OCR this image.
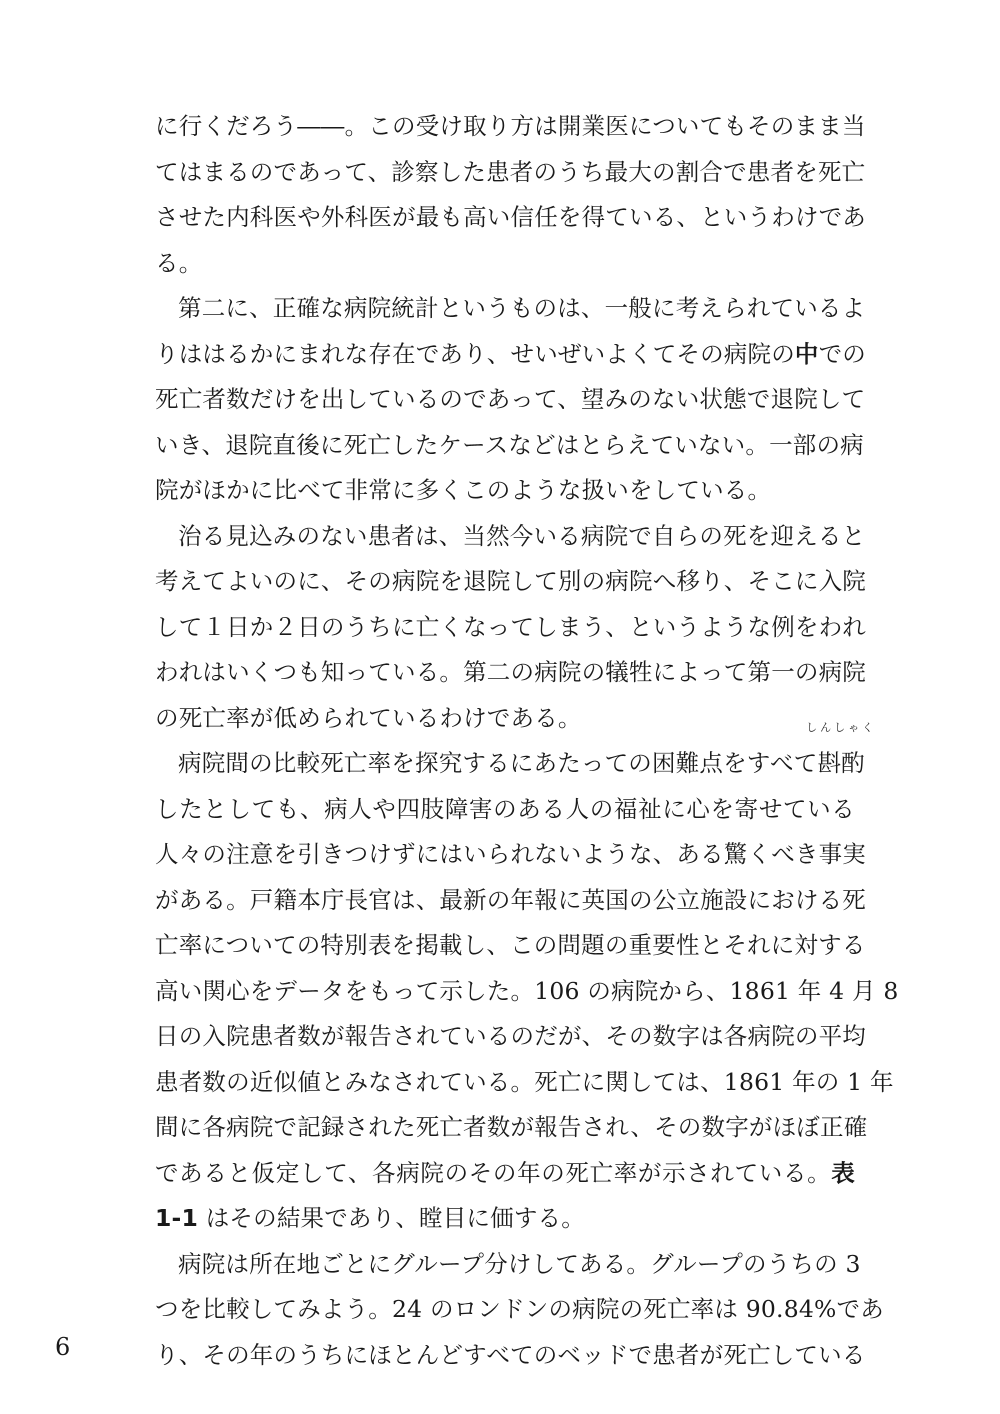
に行くだろう――。この受け取り方は開業医についてもそのまま当
てはまるのであって、診察した患者のうち最大の割合で患者を死亡
させた内科医や外科医が最も高い信任を得ている、というわけであ
る。
第二に、正確な病院統計というものは、一般に考えられているよ
りははるかにまれな存在であり、せいぜいよくてその病院の中での
死亡者数だけを出しているのであって、望みのない状態で退院して
いき、退院直後に死亡したケースなどはとらえていない。一部の病
院がほかに比べて非常に多くこのような扱いをしている。
治る見込みのない患者は、当然今いる病院で自らの死を迎えると
考えてよいのに、その病院を退院して別の病院へ移り、そこに入院
して１日か２日のうちに亡くなってしまう、というような例をわれ
われはいくつも知っている。第二の病院の犠牲によって第一の病院
の死亡率が低められているわけである。
病院間の比較死亡率を探究するにあたっての困難点をすべて
しんしゃく
斟酌
したとしても、病人や四肢障害のある人の福祉に心を寄せている
人々の注意を引きつけずにはいられないような、ある驚くべき事実
がある。戸籍本庁長官は、最新の年報に英国の公立施設における死
亡率についての特別表を掲載し、この問題の重要性とそれに対する
高い関心をデータをもって示した。106 の病院から、1861 年 4 月 8
日の入院患者数が報告されているのだが、その数字は各病院の平均
患者数の近似値とみなされている。死亡に関しては、1861 年の 1 年
間に各病院で記録された死亡者数が報告され、その数字がほぼ正確
であると仮定して、各病院のその年の死亡率が示されている。表
1-1 はその結果であり、瞠目に価する。
病院は所在地ごとにグループ分けしてある。グループのうちの 3
つを比較してみよう。24 のロンドンの病院の死亡率は 90.84%であ
り、その年のうちにほとんどすべてのベッドで患者が死亡している
6
